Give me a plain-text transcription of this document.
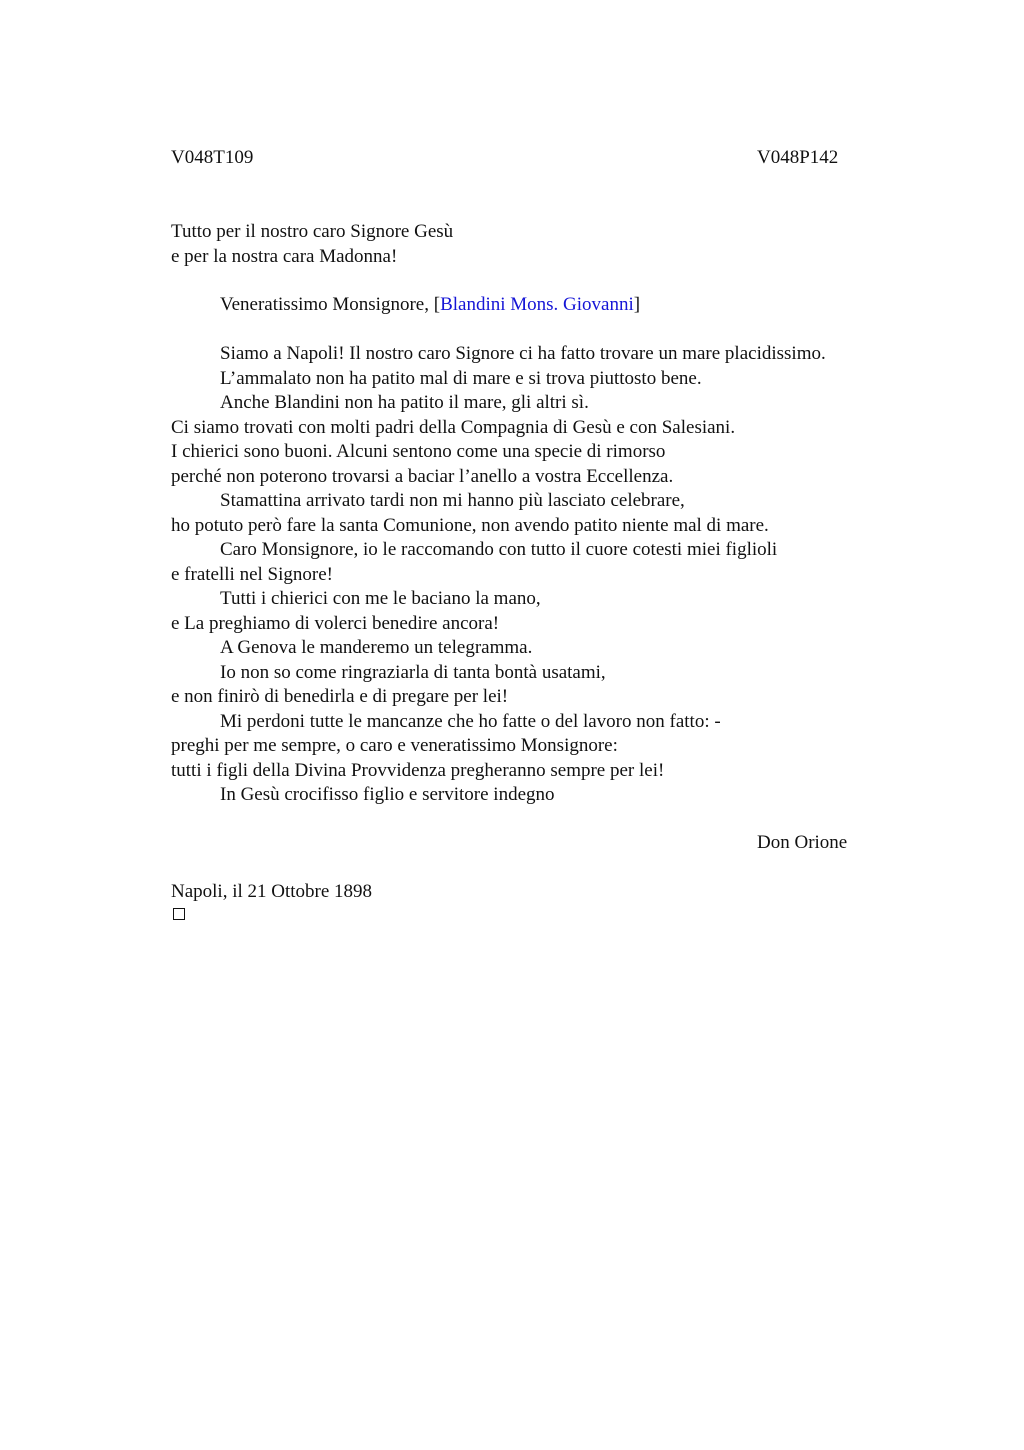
V048T109	V048P142
Tutto per il nostro caro Signore Gesù
e per la nostra cara Madonna!
Veneratissimo Monsignore, [Blandini Mons. Giovanni]
Siamo a Napoli! Il nostro caro Signore ci ha fatto trovare un mare placidissimo.
L’ammalato non ha patito mal di mare e si trova piuttosto bene.
Anche Blandini non ha patito il mare, gli altri sì.
Ci siamo trovati con molti padri della Compagnia di Gesù e con Salesiani.
I chierici sono buoni. Alcuni sentono come una specie di rimorso
perché non poterono trovarsi a baciar l’anello a vostra Eccellenza.
Stamattina arrivato tardi non mi hanno più lasciato celebrare,
ho potuto però fare la santa Comunione, non avendo patito niente mal di mare.
Caro Monsignore, io le raccomando con tutto il cuore cotesti miei figlioli
e fratelli nel Signore!
Tutti i chierici con me le baciano la mano,
e La preghiamo di volerci benedire ancora!
A Genova le manderemo un telegramma.
Io non so come ringraziarla di tanta bontà usatami,
e non finirò di benedirla e di pregare per lei!
Mi perdoni tutte le mancanze che ho fatte o del lavoro non fatto: -
preghi per me sempre, o caro e veneratissimo Monsignore:
tutti i figli della Divina Provvidenza pregheranno sempre per lei!
In Gesù crocifisso figlio e servitore indegno
Don Orione
Napoli, il 21 Ottobre 1898
